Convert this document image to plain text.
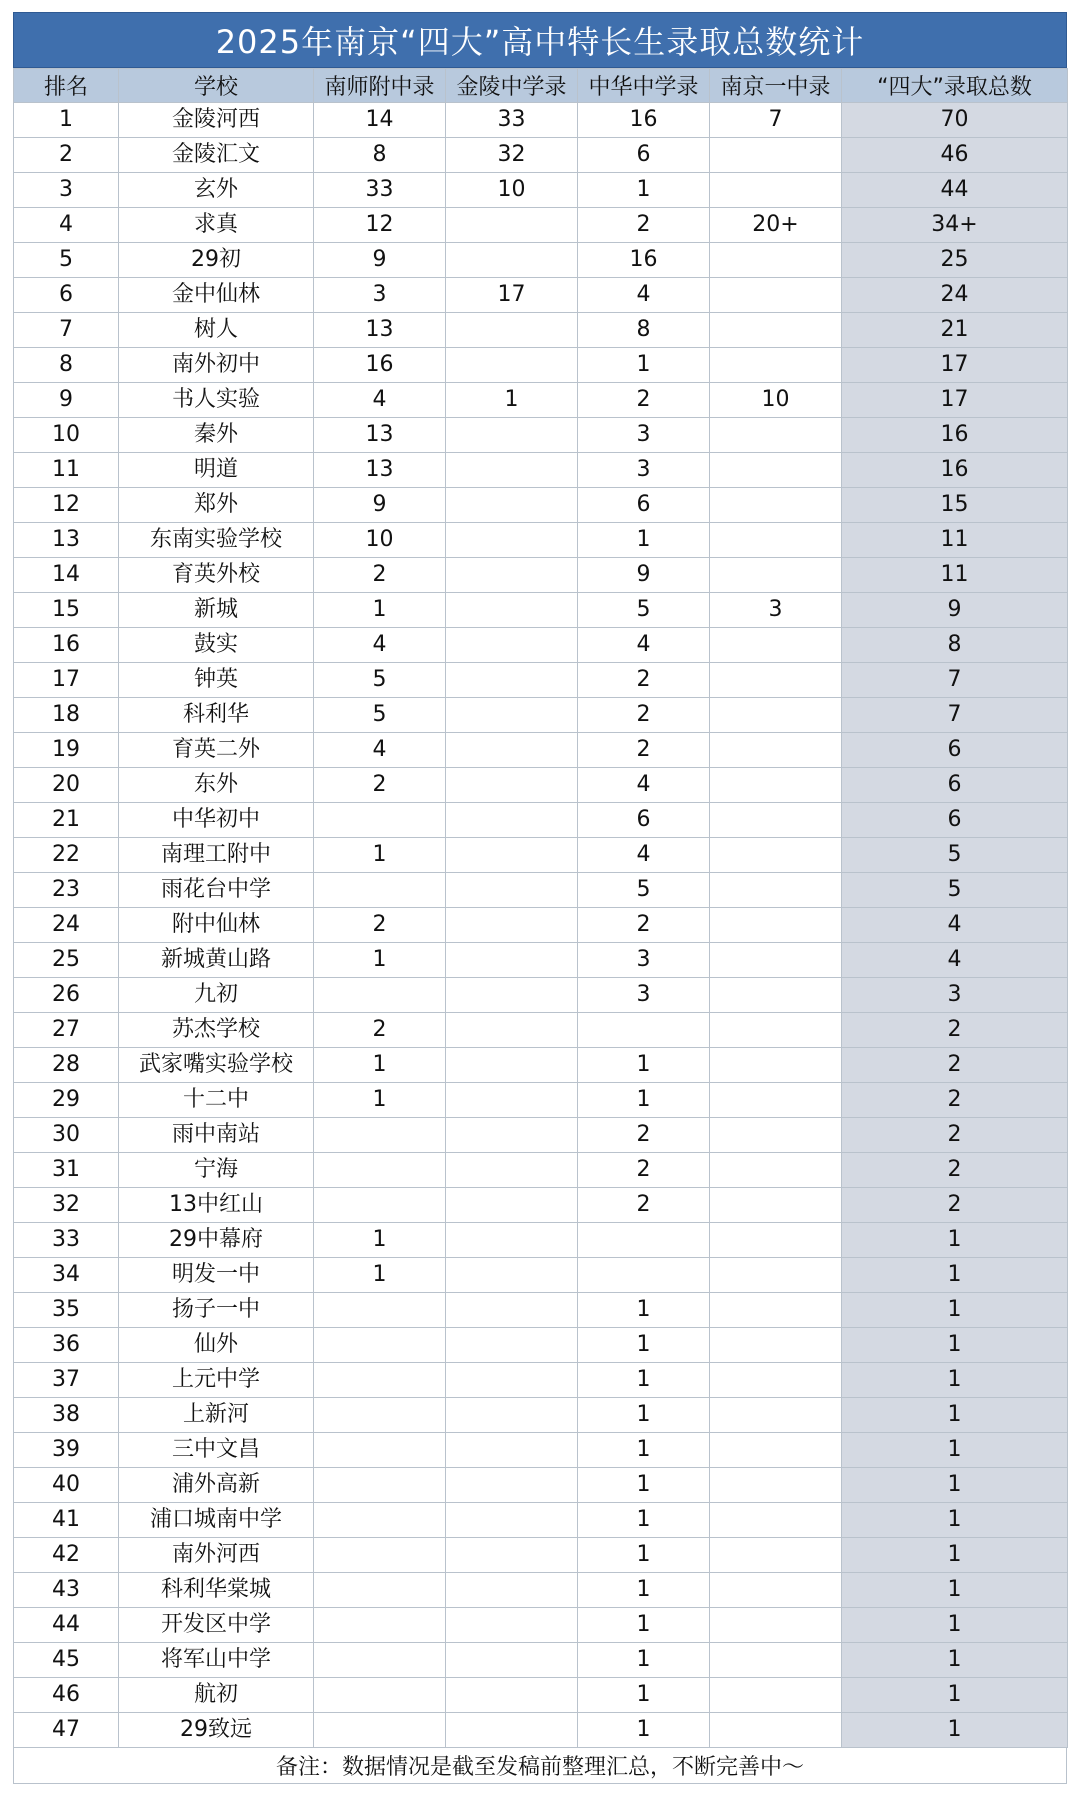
2025年南京“四大”高中特长生录取总数统计
排名	学校	南师附中录	金陵中学录	中华中学录	南京一中录	“四大”录取总数
1	金陵河西	14	33	16	7	70
2	金陵汇文	8	32	6		46
3	玄外	33	10	1		44
4	求真	12		2	20+	34+
5	29初	9		16		25
6	金中仙林	3	17	4		24
7	树人	13		8		21
8	南外初中	16		1		17
9	书人实验	4	1	2	10	17
10	秦外	13		3		16
11	明道	13		3		16
12	郑外	9		6		15
13	东南实验学校	10		1		11
14	育英外校	2		9		11
15	新城	1		5	3	9
16	鼓实	4		4		8
17	钟英	5		2		7
18	科利华	5		2		7
19	育英二外	4		2		6
20	东外	2		4		6
21	中华初中			6		6
22	南理工附中	1		4		5
23	雨花台中学			5		5
24	附中仙林	2		2		4
25	新城黄山路	1		3		4
26	九初			3		3
27	苏杰学校	2				2
28	武家嘴实验学校	1		1		2
29	十二中	1		1		2
30	雨中南站			2		2
31	宁海			2		2
32	13中红山			2		2
33	29中幕府	1				1
34	明发一中	1				1
35	扬子一中			1		1
36	仙外			1		1
37	上元中学			1		1
38	上新河			1		1
39	三中文昌			1		1
40	浦外高新			1		1
41	浦口城南中学			1		1
42	南外河西			1		1
43	科利华棠城			1		1
44	开发区中学			1		1
45	将军山中学			1		1
46	航初			1		1
47	29致远			1		1
备注：数据情况是截至发稿前整理汇总，不断完善中～
